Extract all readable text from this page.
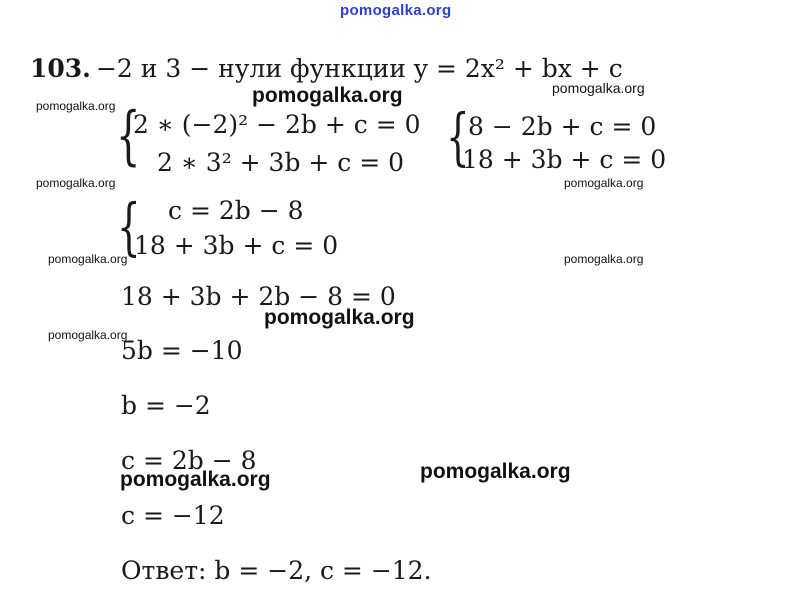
pomogalka.org
103. −2 и 3 − нули функции y = 2x² + bx + c
pomogalka.org	pomogalka.org	pomogalka.org
{
2 ∗ (−2)² − 2b + c = 0
2 ∗ 3² + 3b + c = 0 {
8 − 2b + c = 0
18 + 3b + c = 0
pomogalka.org	pomogalka.org
{ c = 2b − 8
18 + 3b + c = 0
pomogalka.org	pomogalka.org
18 + 3b + 2b − 8 = 0
pomogalka.org
pomogalka.org
5b = −10
b = −2
c = 2b − 8	pomogalka.org
pomogalka.org
c = −12
Ответ: b = −2, c = −12.
